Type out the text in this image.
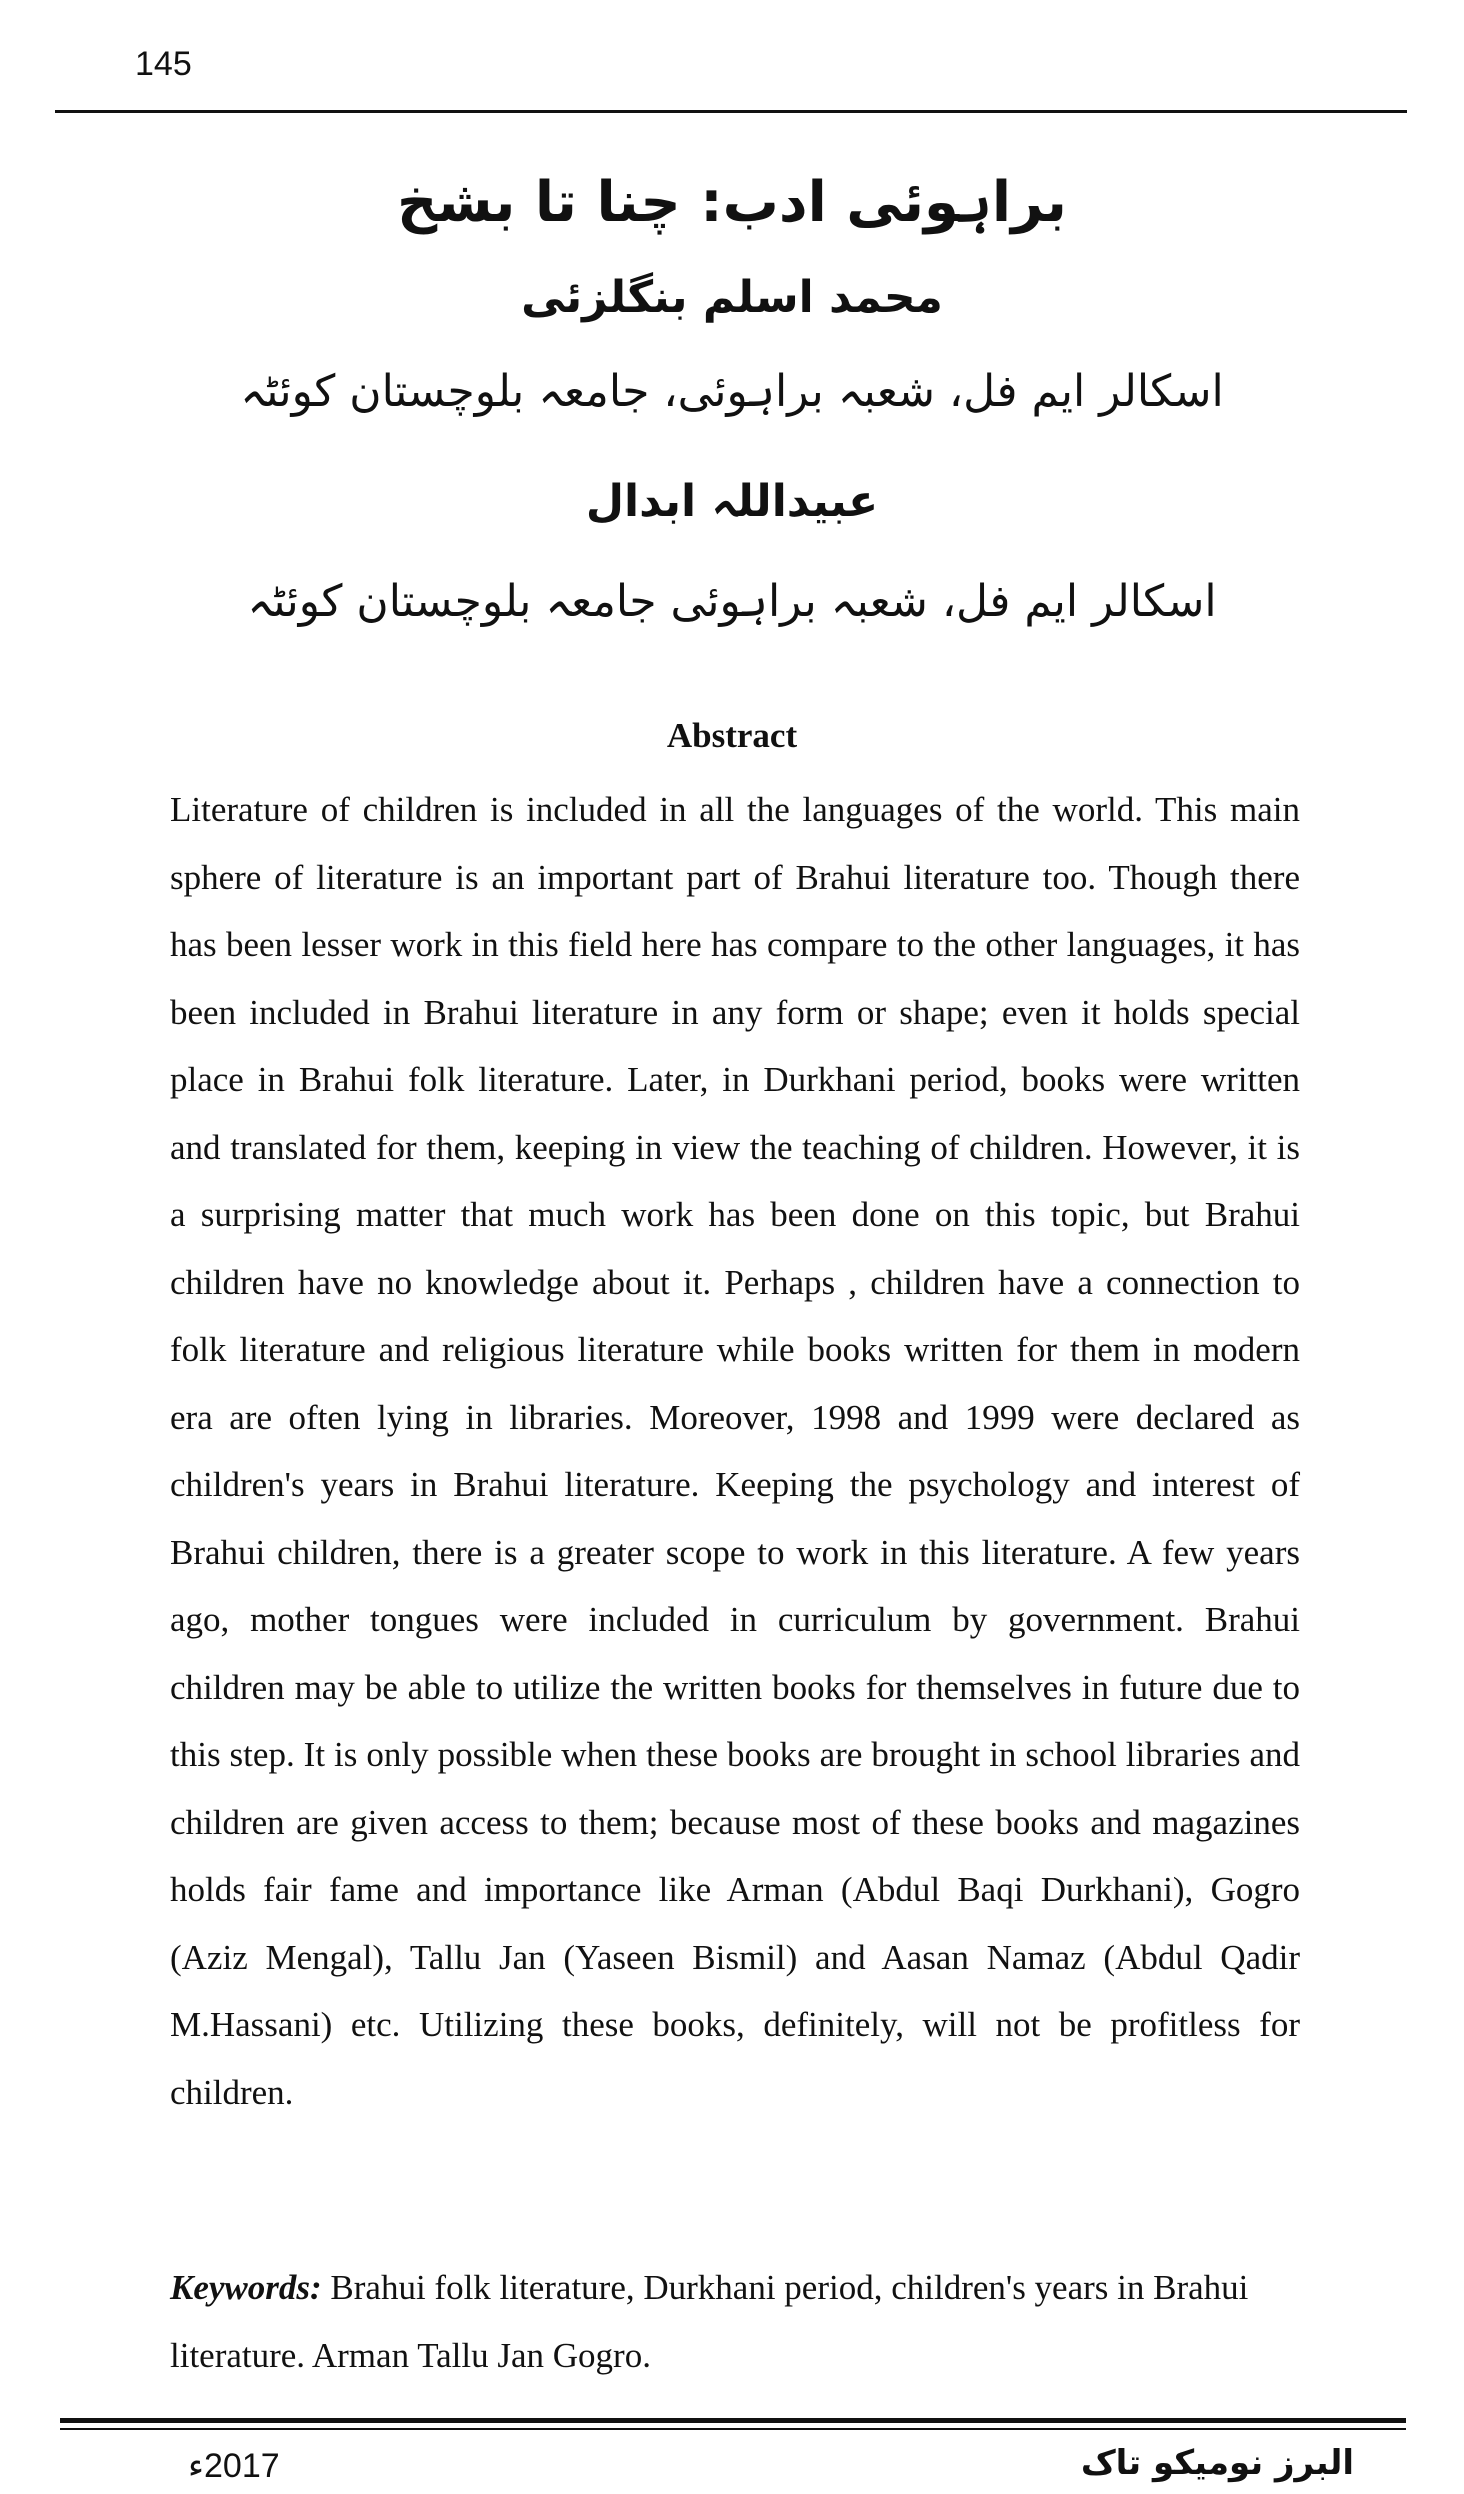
145
براہوئی ادب: چنا تا بشخ
محمد اسلم بنگلزئی
اسکالر ایم فل، شعبہ براہوئی، جامعہ بلوچستان کوئٹہ
عبیداللہ ابدال
اسکالر ایم فل، شعبہ براہوئی جامعہ بلوچستان کوئٹہ
Abstract

Literature of children is included in all the languages of the world. This main sphere of literature is an important part of Brahui literature too. Though there has been lesser work in this field here has compare to the other languages, it has been included in Brahui literature in any form or shape; even it holds special place in Brahui folk literature. Later, in Durkhani period, books were written and translated for them, keeping in view the teaching of children. However, it is a surprising matter that much work has been done on this topic, but Brahui children have no knowledge about it. Perhaps , children have a connection to folk literature and religious literature while books written for them in modern era are often lying in libraries. Moreover, 1998 and 1999 were declared as children's years in Brahui literature. Keeping the psychology and interest of Brahui children, there is a greater scope to work in this literature. A few years ago, mother tongues were included in curriculum by government. Brahui children may be able to utilize the written books for themselves in future due to this step. It is only possible when these books are brought in school libraries and children are given access to them; because most of these books and magazines holds fair fame and importance like Arman (Abdul Baqi Durkhani), Gogro (Aziz Mengal), Tallu Jan (Yaseen Bismil) and Aasan Namaz (Abdul Qadir M.Hassani) etc. Utilizing these books, definitely, will not be profitless for children.

Keywords: Brahui folk literature, Durkhani period, children's years in Brahui literature. Arman Tallu Jan Gogro.

2017ء	البرز نومیکو تاک
